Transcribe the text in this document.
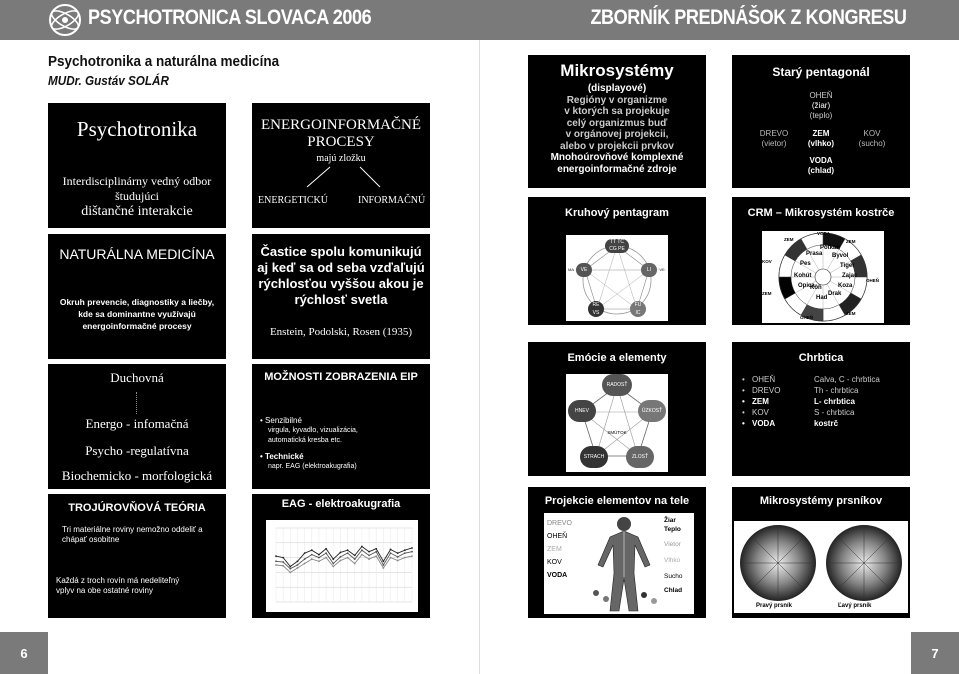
PSYCHOTRONICA SLOVACA 2006	ZBORNÍK PREDNÁŠOK Z KONGRESU
Psychotronika a naturálna medicína
MUDr. Gustáv SOLÁR
Psychotronika
Interdisciplinárny vedný odbor
študujúci
dištančné interakcie
ENERGOINFORMAČNÉ
PROCESY
majú zložku
ENERGETICKÚ	INFORMAČNÚ
NATURÁLNA MEDICÍNA
Okruh prevencie, diagnostiky a liečby,
kde sa dominantne využívajú
energoinformačné procesy
Častice spolu komunikujú
aj keď sa od seba vzďaľujú
rýchlosťou vyššou akou je
rýchlosť svetla
Enstein, Podolski, Rosen (1935)
Duchovná
Energo - infomačná
Psycho -regulatívna
Biochemicko - morfologická
MOŽNOSTI ZOBRAZENIA EIP
• Senzibilné
virgula, kyvadlo, vizualizácia,
automatická kresba etc.
• Technické
napr. EAG (elektroakugrafia)
TROJÚROVŇOVÁ TEÓRIA
Tri materiálne roviny nemožno oddeliť a
chápať osobitne
Každá z troch rovín má nedeliteľný
vplyv na obe ostatné roviny
EAG - elektroakugrafia
Mikrosystémy
(displayové)
Regióny v organizme
v ktorých sa projekuje
celý organizmus buď
v orgánovej projekcii,
alebo v projekcii prvkov
Mnohoúrovňové komplexné
energoinformačné zdroje
Starý pentagonál
OHEŇ
(žiar)
(teplo)
DREVO
(vietor)
ZEM
(vlhko)
KOV
(sucho)
VODA
(chlad)
Kruhový pentagram
TT TC
CG PE
VE	LI
MA	VE
RE
VS
FU
IC
CRM – Mikrosystém kostrče
VODA
ZEM
OHEŇ
ZEM
KOV
ZEM
OHEŇ
ZEM
Drak
Had
Kôň	Koza
Opica
Kohút
Pes
Prasa
Potkan
Byvol
Tiger
Zajac
Emócie a elementy
RADOSŤ
ÚZKOSŤ
ZLOSŤ
STRACH
SMÚTOK
HNEV
Chrbtica
• OHEŇ	Calva, C - chrbtica
• DREVO	Th - chrbtica
• ZEM	L- chrbtica
• KOV	S - chrbtica
• VODA	kostrč
Projekcie elementov na tele
DREVO
OHEŇ
ZEM
KOV
VODA
Žiar
Teplo
Vietor
Vlhko
Sucho
Chlad
Mikrosystémy prsníkov
Pravý prsník	Ľavý prsník
6	7
